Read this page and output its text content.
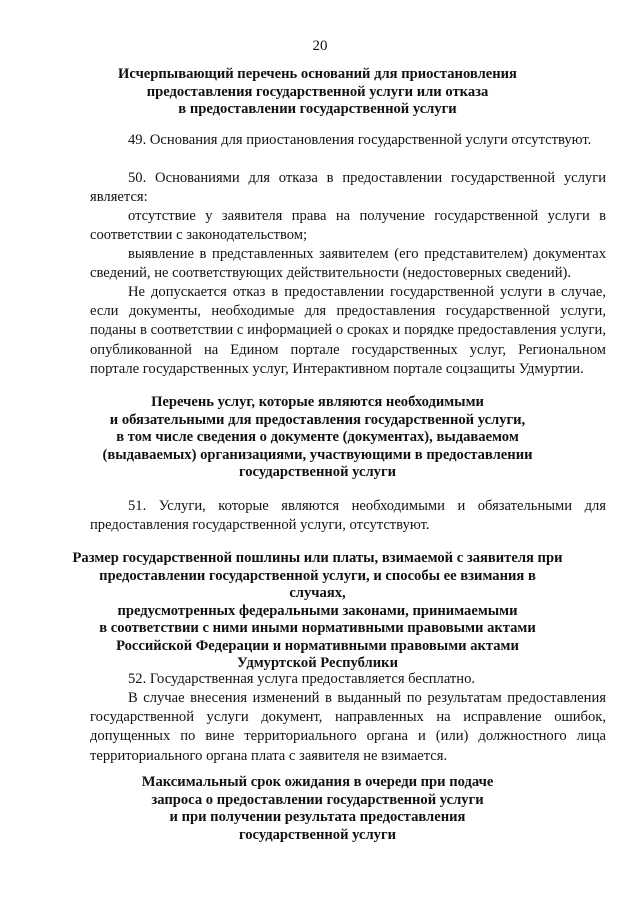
20
Исчерпывающий перечень оснований для приостановления
предоставления государственной услуги или отказа
в предоставлении государственной услуги
49. Основания для приостановления государственной услуги отсутствуют.
50. Основаниями для отказа в предоставлении государственной услуги является:
отсутствие у заявителя права на получение государственной услуги в соответствии с законодательством;
выявление в представленных заявителем (его представителем) документах сведений, не соответствующих действительности (недостоверных сведений).
Не допускается отказ в предоставлении государственной услуги в случае, если документы, необходимые для предоставления государственной услуги, поданы в соответствии с информацией о сроках и порядке предоставления услуги, опубликованной на Едином портале государственных услуг, Региональном портале государственных услуг, Интерактивном портале соцзащиты Удмуртии.
Перечень услуг, которые являются необходимыми
и обязательными для предоставления государственной услуги,
в том числе сведения о документе (документах), выдаваемом
(выдаваемых) организациями, участвующими в предоставлении
государственной услуги
51. Услуги, которые являются необходимыми и обязательными для предоставления государственной услуги, отсутствуют.
Размер государственной пошлины или платы, взимаемой с заявителя при
предоставлении государственной услуги, и способы ее взимания в случаях,
предусмотренных федеральными законами, принимаемыми
в соответствии с ними иными нормативными правовыми актами
Российской Федерации и нормативными правовыми актами
Удмуртской Республики
52. Государственная услуга предоставляется бесплатно.
В случае внесения изменений в выданный по результатам предоставления государственной услуги документ, направленных на исправление ошибок, допущенных по вине территориального органа и (или) должностного лица территориального органа плата с заявителя не взимается.
Максимальный срок ожидания в очереди при подаче
запроса о предоставлении государственной услуги
и при получении результата предоставления
государственной услуги
